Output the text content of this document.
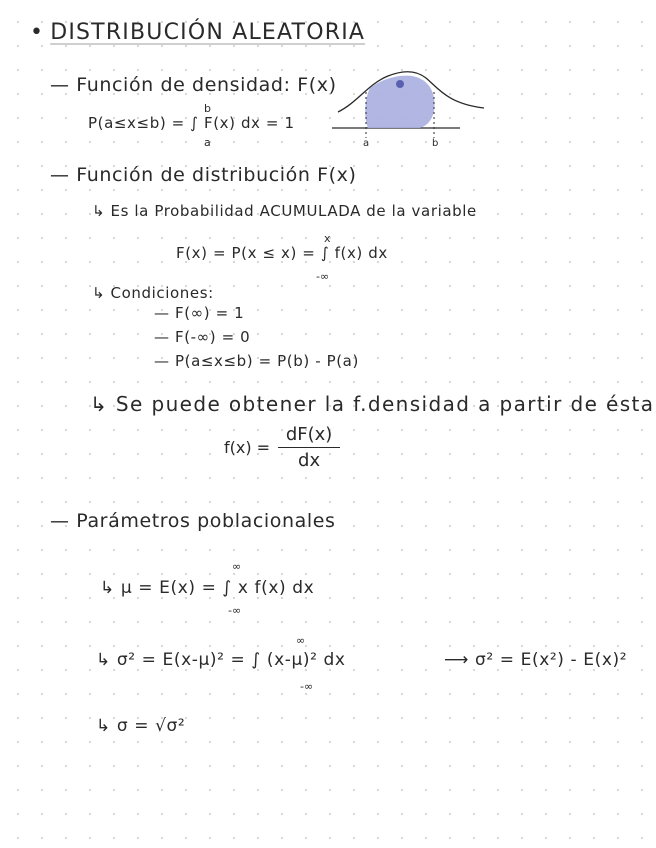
• DISTRIBUCIÓN ALEATORIA
— Función de densidad: F(x)
P(a≤x≤b) = ∫ F(x) dx = 1
b
a	a	b
— Función de distribución F(x)
↳ Es la Probabilidad ACUMULADA de la variable
F(x) = P(x ≤ x) = ∫ f(x) dx
x
-∞
↳ Condiciones:
— F(∞) = 1
— F(-∞) = 0
— P(a≤x≤b) = P(b) - P(a)
↳ Se puede obtener la f.densidad a partir de ésta
$f(x) = \frac{dF(x)}{dx}$
— Parámetros poblacionales
↳ μ = E(x) = ∫ x f(x) dx
∞
-∞
↳ σ² = E(x-μ)² = ∫ (x-μ)² dx
∞
-∞
⟶ σ² = E(x²) - E(x)²
↳ σ = √σ²
